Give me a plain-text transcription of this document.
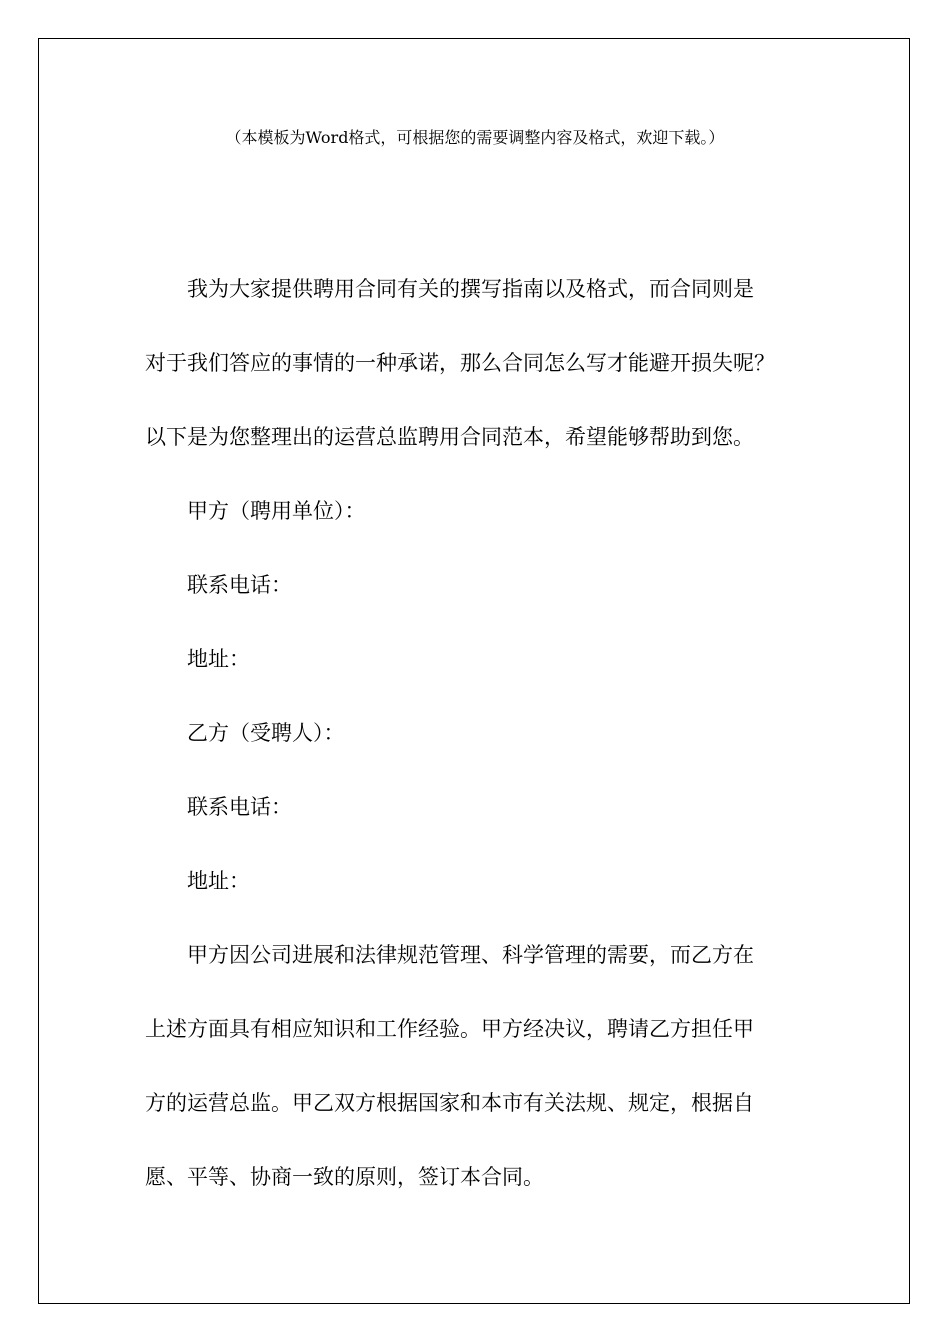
（本模板为Word格式，可根据您的需要调整内容及格式，欢迎下载。）

我为大家提供聘用合同有关的撰写指南以及格式，而合同则是
对于我们答应的事情的一种承诺，那么合同怎么写才能避开损失呢？
以下是为您整理出的运营总监聘用合同范本，希望能够帮助到您。

甲方（聘用单位）：

联系电话：

地址：

乙方（受聘人）：

联系电话：

地址：

甲方因公司进展和法律规范管理、科学管理的需要，而乙方在
上述方面具有相应知识和工作经验。甲方经决议，聘请乙方担任甲
方的运营总监。甲乙双方根据国家和本市有关法规、规定，根据自
愿、平等、协商一致的原则，签订本合同。
